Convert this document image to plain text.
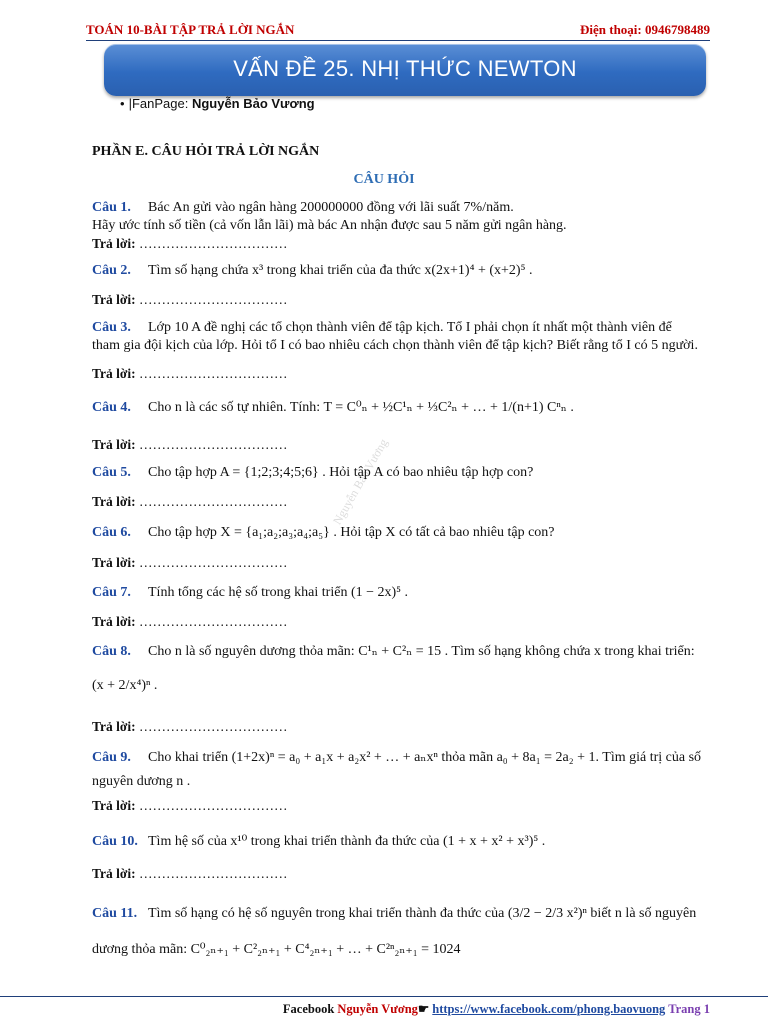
TOÁN 10-BÀI TẬP TRẢ LỜI NGẮN	Điện thoại: 0946798489
VẤN ĐỀ 25. NHỊ THỨC NEWTON
• |FanPage: Nguyễn Bảo Vương
PHẦN E. CÂU HỎI TRẢ LỜI NGẮN
CÂU HỎI
Nguyễn Bảo Vương
Câu 1. Bác An gửi vào ngân hàng 200000000 đồng với lãi suất 7%/năm.
Hãy ước tính số tiền (cả vốn lẫn lãi) mà bác An nhận được sau 5 năm gửi ngân hàng.
Trả lời: ……………………………
Câu 2. Tìm số hạng chứa x³ trong khai triển của đa thức x(2x+1)⁴ + (x+2)⁵ .
Trả lời: ……………………………
Câu 3. Lớp 10 A đề nghị các tổ chọn thành viên để tập kịch. Tổ I phải chọn ít nhất một thành viên để
tham gia đội kịch của lớp. Hỏi tổ I có bao nhiêu cách chọn thành viên để tập kịch? Biết rằng tổ I có 5 người.
Trả lời: ……………………………
Câu 4. Cho n là các số tự nhiên. Tính: T = C⁰ₙ + ½C¹ₙ + ⅓C²ₙ + … + 1/(n+1) Cⁿₙ .
Trả lời: ……………………………
Câu 5. Cho tập hợp A = {1;2;3;4;5;6} . Hỏi tập A có bao nhiêu tập hợp con?
Trả lời: ……………………………
Câu 6. Cho tập hợp X = {a₁;a₂;a₃;a₄;a₅} . Hỏi tập X có tất cả bao nhiêu tập con?
Trả lời: ……………………………
Câu 7. Tính tổng các hệ số trong khai triển (1 − 2x)⁵ .
Trả lời: ……………………………
Câu 8. Cho n là số nguyên dương thỏa mãn: C¹ₙ + C²ₙ = 15 . Tìm số hạng không chứa x trong khai triển:
(x + 2/x⁴)ⁿ .
Trả lời: ……………………………
Câu 9. Cho khai triển (1+2x)ⁿ = a₀ + a₁x + a₂x² + … + aₙxⁿ thỏa mãn a₀ + 8a₁ = 2a₂ + 1. Tìm giá trị của số
nguyên dương n .
Trả lời: ……………………………
Câu 10. Tìm hệ số của x¹⁰ trong khai triển thành đa thức của (1 + x + x² + x³)⁵ .
Trả lời: ……………………………
Câu 11. Tìm số hạng có hệ số nguyên trong khai triển thành đa thức của (3/2 − 2/3 x²)ⁿ biết n là số nguyên
dương thỏa mãn: C⁰₂ₙ₊₁ + C²₂ₙ₊₁ + C⁴₂ₙ₊₁ + … + C²ⁿ₂ₙ₊₁ = 1024
Facebook Nguyễn Vương☛ https://www.facebook.com/phong.baovuong Trang 1
